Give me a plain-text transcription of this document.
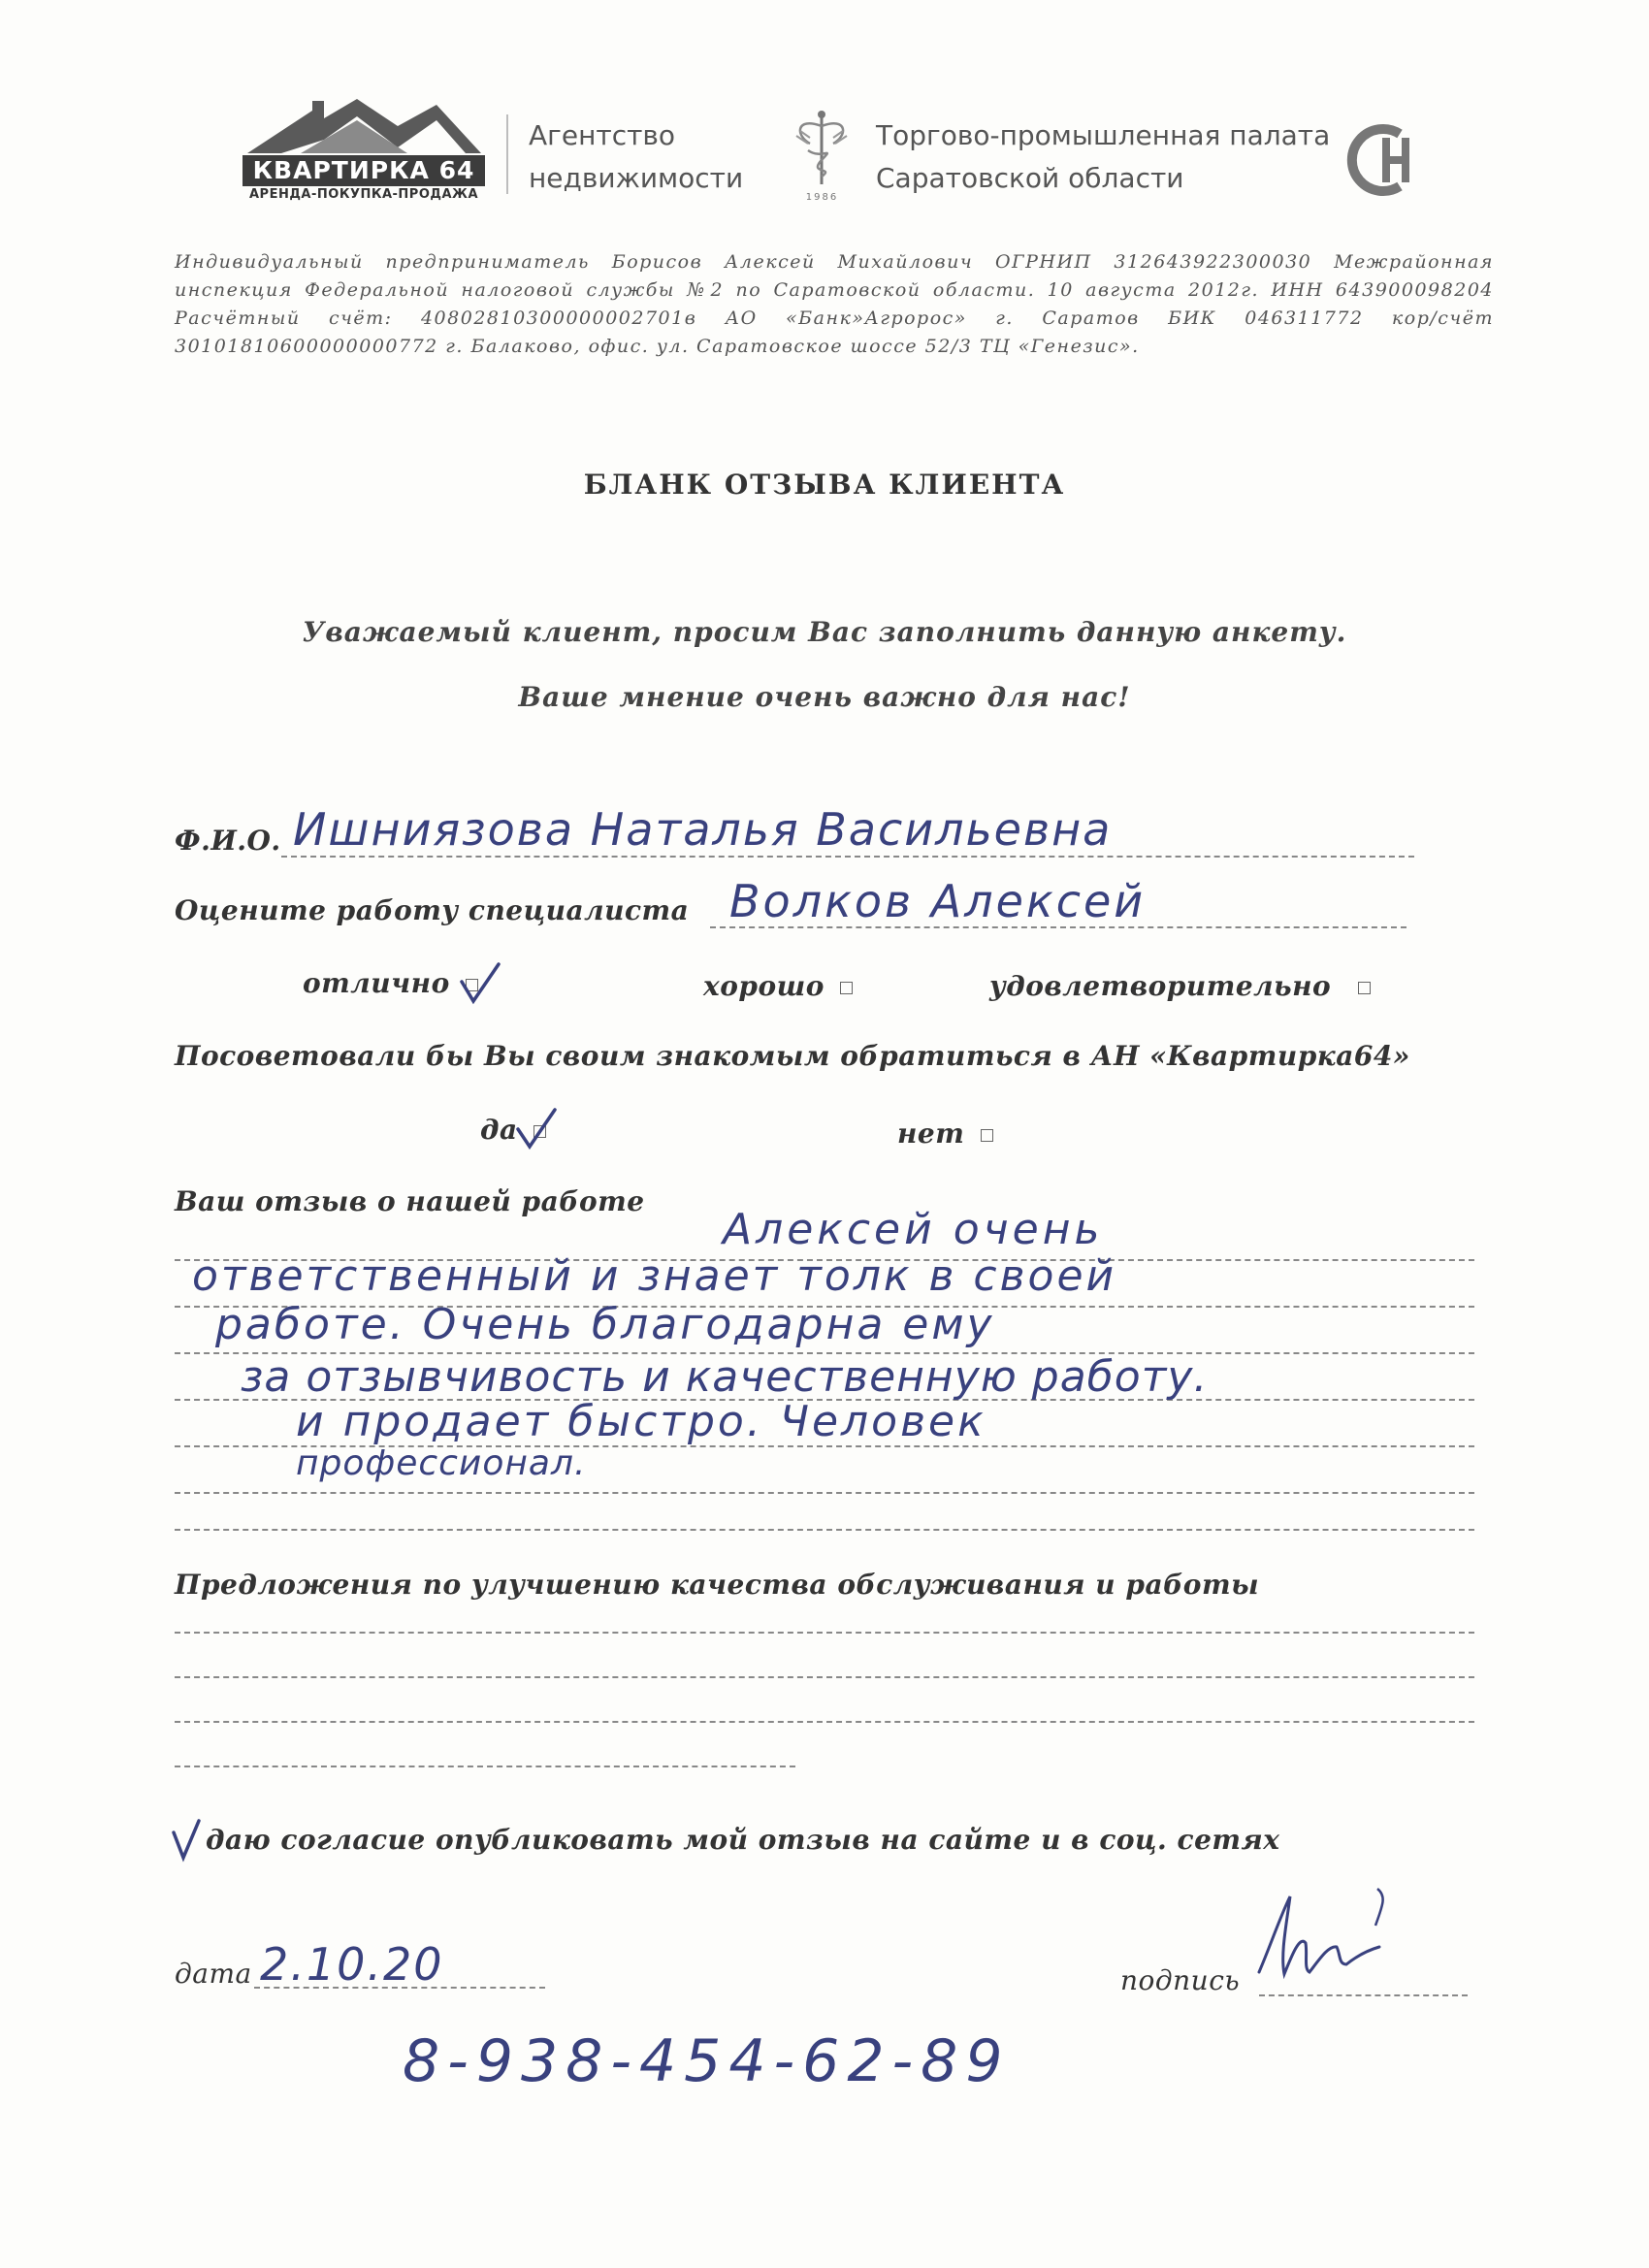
КВАРТИРКА 64
АРЕНДА-ПОКУПКА-ПРОДАЖА
Агентство
недвижимости
1986
Торгово-промышленная палата
Саратовской области
Индивидуальный предприниматель Борисов Алексей Михайлович ОГРНИП 312643922300030 Межрайонная инспекция Федеральной налоговой службы №2 по Саратовской области. 10 августа 2012г. ИНН 643900098204 Расчётный счёт: 40802810300000002701в АО «Банк»Агророс» г. Саратов БИК 046311772 кор/счёт 30101810600000000772 г. Балаково, офис. ул. Саратовское шоссе 52/3 ТЦ «Генезис».
БЛАНК ОТЗЫВА КЛИЕНТА
Уважаемый клиент, просим Вас заполнить данную анкету.
Ваше мнение очень важно для нас!
Ф.И.О. Ишниязова Наталья Васильевна
Оцените работу специалиста Волков Алексей
отлично	хорошо	удовлетворительно
Посоветовали бы Вы своим знакомым обратиться в АН «Квартирка64»
да	нет
Ваш отзыв о нашей работе
Алексей очень
ответственный и знает толк в своей
работе. Очень благодарна ему
за отзывчивость и качественную работу.
и продает быстро. Человек
профессионал.
Предложения по улучшению качества обслуживания и работы
даю согласие опубликовать мой отзыв на сайте и в соц. сетях
дата 2.10.20	подпись
8-938-454-62-89
